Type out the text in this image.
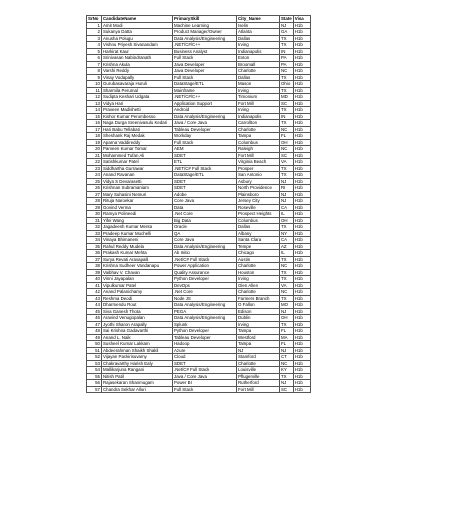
SrNo	CandidateName	PrimarySkill	City_Name	State	Visa
1	Amit Modi	Machine Learning	Iselin	NJ	H1b
2	Sukanya Datta	Product Manager/Owner	Atlanta	GA	H1b
3	Anusha Polugu	Data Analysis/Engineering	Dallas	TX	H1b
4	Vishnu Priyesh Sivanandam	.NET/C#/C++	Irving	TX	H1b
5	Harkirat Kaur	Business Analyst	Indianapolis	IN	H1b
6	Srinivasan Nabindranath	Full Stack	Exton	PA	H1b
7	Krishna Akula	Java Developer	Broomall	PA	H1b
8	Varshi Reddy	Java Developer	Charlotte	NC	H1b
9	Vinay Vodapally	Full Stack	Dallas	TX	H1b
10	Gurubasavaraja Huruli	DataStage/ETL	Mason	Ohio	H1b
11	Sharmila Perumal	Mainframe	Irving	TX	H1b
12	Sudipta Keshari Udgata	.NET/C#/C++	Timonium	MD	H1b
13	Vidya Hari	Application Support	Fort Mill	SC	H1b
14	Praveen Madishetti	Android	Irving	TX	H1b
15	Kishor Kumar Perumbesso	Data Analysis/Engineering	Indianapolis	IN	H1b
16	Naga Durga Sreenivasulu Kedari	Java / Core Java	Carrollton	TX	H1b
17	Hari Babu Tellabati	Tableau Developer	Charlotte	NC	H1b
18	Sheshank Raj Medak	Workday	Tampa	FL	H1b
19	Aparna Vaddireddy	Full Stack	Columbus	OH	H1b
20	Parveen Kumar Tomar	AEM	Raleigh	NC	H1b
21	Mohammed Tufan Ali	SDET	Fort Mill	SC	H1b
22	Satishkumar Patel	ETL	Virginia Beach	VA	H1b
23	Siddhartha Gurrawar	.NET/C# Full Stack	Prosper	TX	H1b
24	Anand Ravanan	DataStage/ETL	San Antonio	TX	H1b
25	Vidya S Devarasetti	SDET	Asbury	NJ	H1b
26	Krishnan Subramaniam	SDET	North Providence	RI	H1b
27	Mary Suhasini Nemuri	Adobe	Plainsboro	NJ	H1b
28	Rituja Naroekar	Core Java	Jersey City	NJ	H1b
29	Govind Verma	Data	Roseville	CA	H1b
30	Ramya Polineedi	.Net Core	Prospect Heights	IL	H1b
31	Yifei Wang	Big Data	Columbus	OH	H1b
32	Jagadeesh Kumar Menta	Oracle	Dallas	TX	H1b
33	Pradeep Kumar Muchelli	QA	Albany	NY	H1b
34	Vinaya Bhimaneni	Core Java	Santa Clara	CA	H1b
35	Rahul Reddy Mudela	Data Analysis/Engineering	Tempe	AZ	H1b
36	Prakash Kumar Mehta	Ab Initio	Chicago	IL	H1b
37	Surya Revati Aravapalli	.Net/C# Full Stack	Austin	TX	H1b
38	Krishna Sudheer Vandanapu	Power Application	Charlotte	NC	H1b
39	Vaibhav V. Chavan	Quality Assurance	Houston	TX	H1b
40	Vinni Jayapalan	Python Developer	Irving	TX	H1b
41	Vipulkumar Patel	DevOps	Glen Allen	VA	H1b
42	Anand Palanichamy	.Net Core	Charlotte	NC	H1b
43	Reshma Deodi	Node JS	Farmers Branch	TX	H1b
44	Dharmendu Rout	Data Analysis/Engineering	O Fallon	MO	H1b
45	Siva Ganesh Thota	PEGA	Edison	NJ	H1b
46	Aravind Venugopalan	Data Analysis/Engineering	Dublin	OH	H1b
47	Jyothi Sharon Arapally	Splunk	Irving	TX	H1b
48	Sai Krishna Gadavarthi	Python Developer	Tampa	FL	H1b
49	Anand L. Naik	Tableau Developer	Westford	MA	H1b
50	Susheel Kumar Lakkam	Hadoop	Tampa	FL	H1b
51	Abdeerahman Shaikh Shakil	Azure	NJ	NJ	H1b
52	Vijayan Packirisuvamy	Cloud	Stamford	CT	H1b
53	Chakravarthy Harish Ealy	SDET	Charlotte	NC	H1b
54	Mallikarjuna Rangani	.Net/C# Full Stack	Louisville	KY	H1b
55	Nitish Patil	Java / Core Java	Pflugerville	TX	H1b
56	Rajasekaran Shanmugam	Power BI	Rutherford	NJ	H1b
57	Chandra Sekhar Alluri	Full Stack	Fort Mill	SC	H1b
